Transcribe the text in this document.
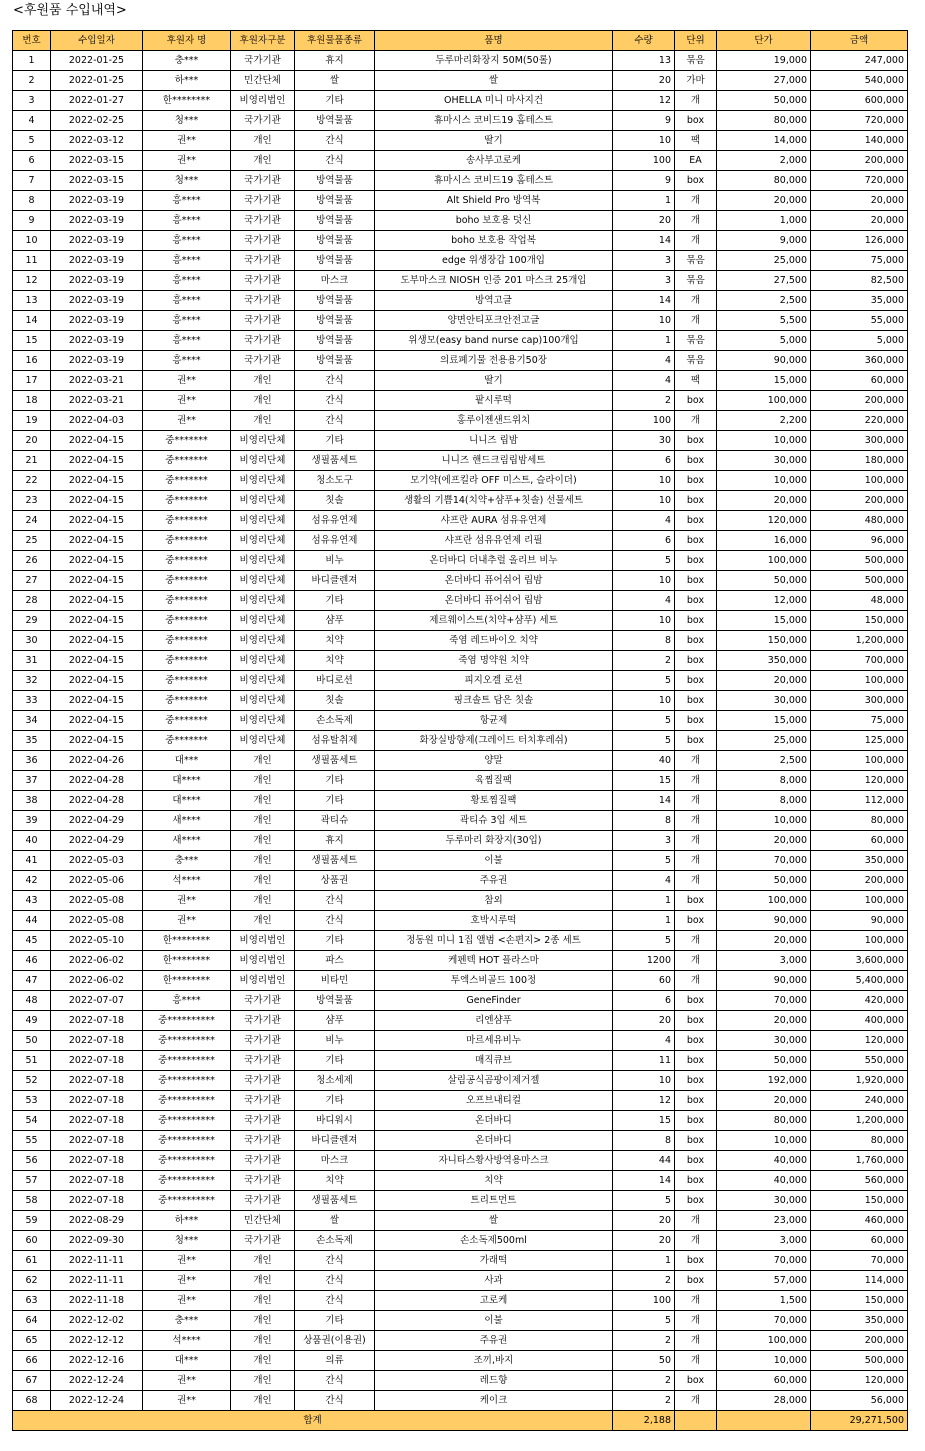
<후원품 수입내역>
번호	수입일자	후원자 명	후원자구분	후원물품종류	품명	수량	단위	단가	금액
1	2022-01-25	충***	국가기관	휴지	두루마리화장지 50M(50롤)	13	묶음	19,000	247,000
2	2022-01-25	하***	민간단체	쌀	쌀	20	가마	27,000	540,000
3	2022-01-27	한********	비영리법인	기타	OHELLA 미니 마사지건	12	개	50,000	600,000
4	2022-02-25	청***	국가기관	방역물품	휴마시스 코비드19 홈테스트	9	box	80,000	720,000
5	2022-03-12	권**	개인	간식	딸기	10	팩	14,000	140,000
6	2022-03-15	권**	개인	간식	송사부고로케	100	EA	2,000	200,000
7	2022-03-15	청***	국가기관	방역물품	휴마시스 코비드19 홈테스트	9	box	80,000	720,000
8	2022-03-19	흥****	국가기관	방역물품	Alt Shield Pro 방역복	1	개	20,000	20,000
9	2022-03-19	흥****	국가기관	방역물품	boho 보호용 덧신	20	개	1,000	20,000
10	2022-03-19	흥****	국가기관	방역물품	boho 보호용 작업복	14	개	9,000	126,000
11	2022-03-19	흥****	국가기관	방역물품	edge 위생장갑 100개입	3	묶음	25,000	75,000
12	2022-03-19	흥****	국가기관	마스크	도부마스크 NIOSH 인증 201 마스크 25개입	3	묶음	27,500	82,500
13	2022-03-19	흥****	국가기관	방역물품	방역고글	14	개	2,500	35,000
14	2022-03-19	흥****	국가기관	방역물품	양면안티포크안전고글	10	개	5,500	55,000
15	2022-03-19	흥****	국가기관	방역물품	위생모(easy band nurse cap)100개입	1	묶음	5,000	5,000
16	2022-03-19	흥****	국가기관	방역물품	의료폐기물 전용용기50장	4	묶음	90,000	360,000
17	2022-03-21	권**	개인	간식	딸기	4	팩	15,000	60,000
18	2022-03-21	권**	개인	간식	팥시루떡	2	box	100,000	200,000
19	2022-04-03	권**	개인	간식	홍루이젠샌드위치	100	개	2,200	220,000
20	2022-04-15	중*******	비영리단체	기타	니니즈 립밤	30	box	10,000	300,000
21	2022-04-15	중*******	비영리단체	생필품세트	니니즈 핸드크림립밤세트	6	box	30,000	180,000
22	2022-04-15	중*******	비영리단체	청소도구	모기약(에프킬라 OFF 미스트, 슬라이더)	10	box	10,000	100,000
23	2022-04-15	중*******	비영리단체	칫솔	생활의 기쁨14(치약+샴푸+칫솔) 선물세트	10	box	20,000	200,000
24	2022-04-15	중*******	비영리단체	섬유유연제	샤프란 AURA 섬유유연제	4	box	120,000	480,000
25	2022-04-15	중*******	비영리단체	섬유유연제	샤프란 섬유유연제 리필	6	box	16,000	96,000
26	2022-04-15	중*******	비영리단체	비누	온더바디 더내추럴 올리브 비누	5	box	100,000	500,000
27	2022-04-15	중*******	비영리단체	바디클렌져	온더바디 퓨어쉬어 립밤	10	box	50,000	500,000
28	2022-04-15	중*******	비영리단체	기타	온더바디 퓨어쉬어 립밤	4	box	12,000	48,000
29	2022-04-15	중*******	비영리단체	샴푸	제르웨이스트(치약+샴푸) 세트	10	box	15,000	150,000
30	2022-04-15	중*******	비영리단체	치약	죽염 레드바이오 치약	8	box	150,000	1,200,000
31	2022-04-15	중*******	비영리단체	치약	죽염 명약원 치약	2	box	350,000	700,000
32	2022-04-15	중*******	비영리단체	바디로션	피지오겔 로션	5	box	20,000	100,000
33	2022-04-15	중*******	비영리단체	칫솔	핑크솔트 담은 칫솔	10	box	30,000	300,000
34	2022-04-15	중*******	비영리단체	손소독제	항균제	5	box	15,000	75,000
35	2022-04-15	중*******	비영리단체	섬유탈취제	화장실방향제(그레이드 터치후레쉬)	5	box	25,000	125,000
36	2022-04-26	대***	개인	생필품세트	양말	40	개	2,500	100,000
37	2022-04-28	대****	개인	기타	육찜질팩	15	개	8,000	120,000
38	2022-04-28	대****	개인	기타	황토찜질팩	14	개	8,000	112,000
39	2022-04-29	새****	개인	곽티슈	곽티슈 3입 세트	8	개	10,000	80,000
40	2022-04-29	새****	개인	휴지	두루마리 화장지(30입)	3	개	20,000	60,000
41	2022-05-03	충***	개인	생필품세트	이불	5	개	70,000	350,000
42	2022-05-06	석****	개인	상품권	주유권	4	개	50,000	200,000
43	2022-05-08	권**	개인	간식	참외	1	box	100,000	100,000
44	2022-05-08	권**	개인	간식	호박시루떡	1	box	90,000	90,000
45	2022-05-10	한********	비영리법인	기타	정동원 미니 1집 앨범 <손편지> 2종 세트	5	개	20,000	100,000
46	2022-06-02	한********	비영리법인	파스	케펜텍 HOT 플라스마	1200	개	3,000	3,600,000
47	2022-06-02	한********	비영리법인	비타민	투엑스비골드 100정	60	개	90,000	5,400,000
48	2022-07-07	흥****	국가기관	방역물품	GeneFinder	6	box	70,000	420,000
49	2022-07-18	중**********	국가기관	샴푸	리엔샴푸	20	box	20,000	400,000
50	2022-07-18	중**********	국가기관	비누	마르세유비누	4	box	30,000	120,000
51	2022-07-18	중**********	국가기관	기타	매직큐브	11	box	50,000	550,000
52	2022-07-18	중**********	국가기관	청소세제	살림공식곰팡이제거젤	10	box	192,000	1,920,000
53	2022-07-18	중**********	국가기관	기타	오프브내티컬	12	box	20,000	240,000
54	2022-07-18	중**********	국가기관	바디워시	온더바디	15	box	80,000	1,200,000
55	2022-07-18	중**********	국가기관	바디클렌져	온더바디	8	box	10,000	80,000
56	2022-07-18	중**********	국가기관	마스크	자니타스황사방역용마스크	44	box	40,000	1,760,000
57	2022-07-18	중**********	국가기관	치약	치약	14	box	40,000	560,000
58	2022-07-18	중**********	국가기관	생필품세트	트리트먼트	5	box	30,000	150,000
59	2022-08-29	하***	민간단체	쌀	쌀	20	개	23,000	460,000
60	2022-09-30	청***	국가기관	손소독제	손소독제500ml	20	개	3,000	60,000
61	2022-11-11	권**	개인	간식	가래떡	1	box	70,000	70,000
62	2022-11-11	권**	개인	간식	사과	2	box	57,000	114,000
63	2022-11-18	권**	개인	간식	고로케	100	개	1,500	150,000
64	2022-12-02	충***	개인	기타	이불	5	개	70,000	350,000
65	2022-12-12	석****	개인	상품권(이용권)	주유권	2	개	100,000	200,000
66	2022-12-16	대***	개인	의류	조끼,바지	50	개	10,000	500,000
67	2022-12-24	권**	개인	간식	레드향	2	box	60,000	120,000
68	2022-12-24	권**	개인	간식	케이크	2	개	28,000	56,000
합계						2,188			29,271,500
